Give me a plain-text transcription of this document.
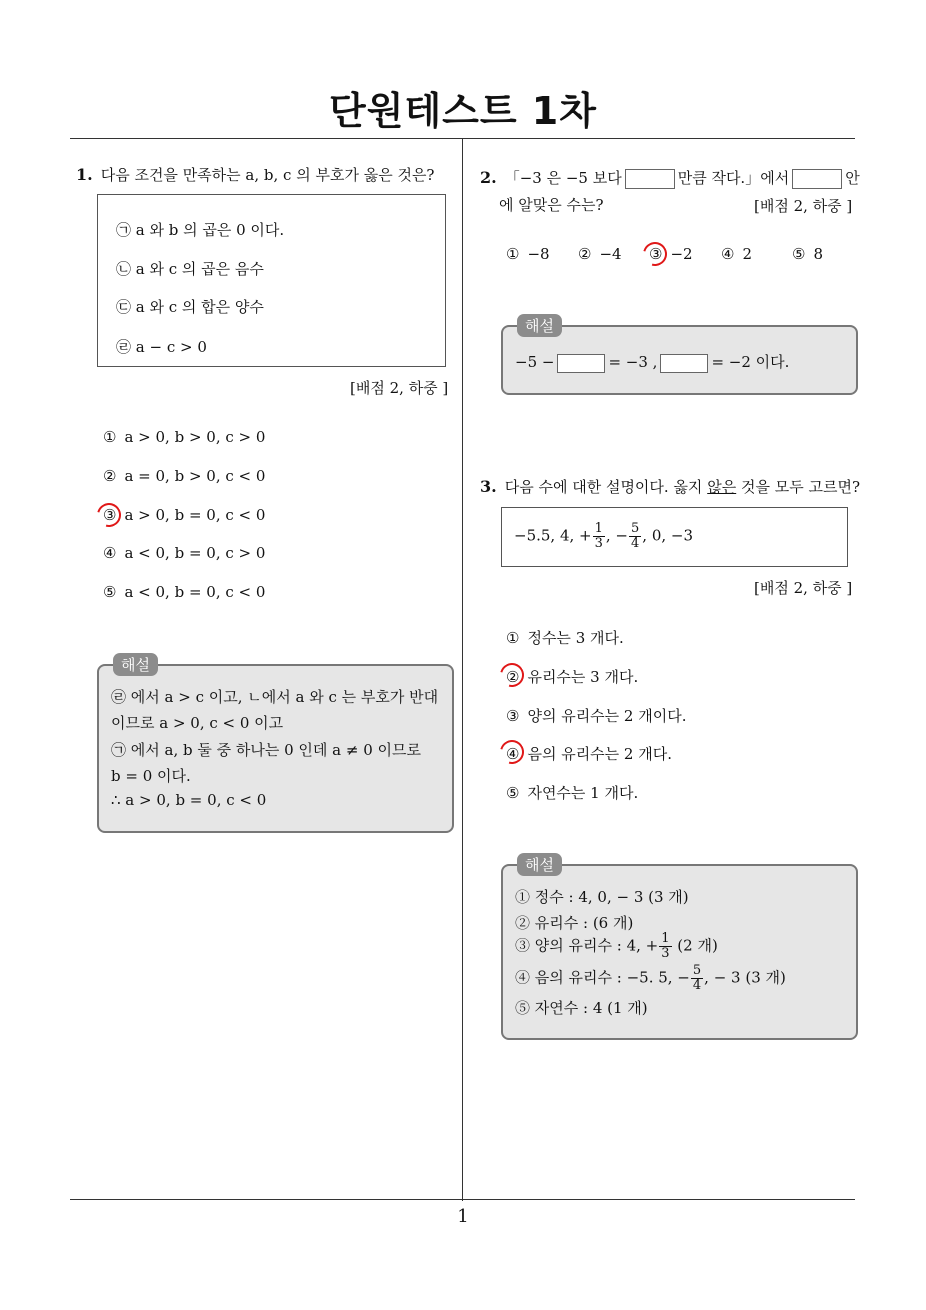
단원테스트 1차
1
1. 다음 조건을 만족하는 a, b, c 의 부호가 옳은 것은?
㉠ a 와 b 의 곱은 0 이다.
㉡ a 와 c 의 곱은 음수
㉢ a 와 c 의 합은 양수
㉣ a − c > 0
[배점 2, 하중 ]
① a > 0, b > 0, c > 0
② a = 0, b > 0, c < 0
③ a > 0, b = 0, c < 0
④ a < 0, b = 0, c > 0
⑤ a < 0, b = 0, c < 0
해설
㉣ 에서 a > c 이고, ㄴ에서 a 와 c 는 부호가 반대
이므로 a > 0, c < 0 이고
㉠ 에서 a, b 둘 중 하나는 0 인데 a ≠ 0 이므로
b = 0 이다.
∴ a > 0, b = 0, c < 0
2. 「−3 은 −5 보다	만큼 작다.」에서	안
에 알맞은 수는?	[배점 2, 하중 ]
① −8 ② −4 ③ −2 ④ 2	⑤ 8
해설
−5 −	= −3 ,	= −2 이다.
3. 다음 수에 대한 설명이다. 옳지 않은 것을 모두 고르면?
−5.5, 4, + $\frac{1}{3}$ , − $\frac{5}{4}$ , 0, −3
[배점 2, 하중 ]
① 정수는 3 개다.
② 유리수는 3 개다.
③ 양의 유리수는 2 개이다.
④ 음의 유리수는 2 개다.
⑤ 자연수는 1 개다.
해설
① 정수 : 4, 0, − 3 (3 개)
② 유리수 : (6 개)
③ 양의 유리수 : 4, + $\frac{1}{3} (2$ 개)
④ 음의 유리수 : −5. 5, − $\frac{5}{4}$ , − 3 (3 개)
⑤ 자연수 : 4 (1 개)
